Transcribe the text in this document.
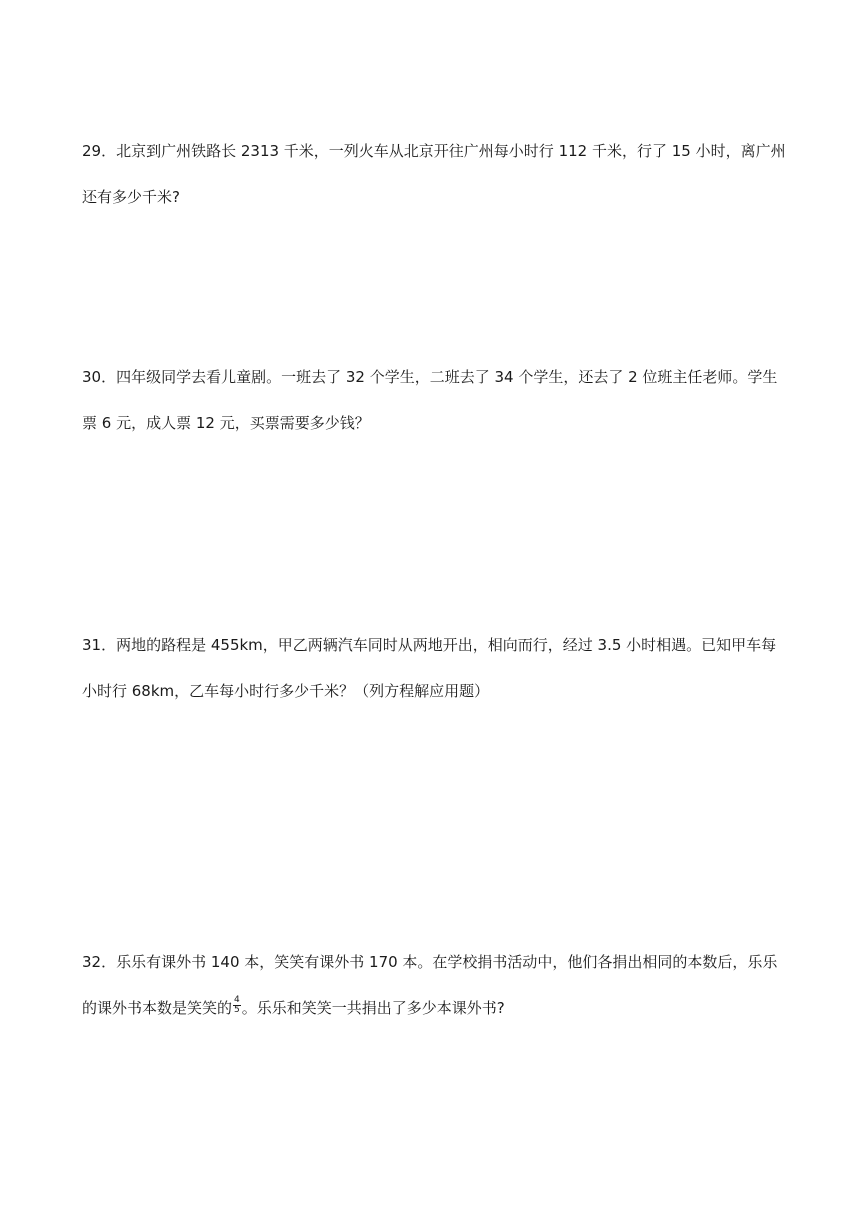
29．北京到广州铁路长 2313 千米，一列火车从北京开往广州每小时行 112 千米，行了 15 小时，离广州
还有多少千米?
30．四年级同学去看儿童剧。一班去了 32 个学生，二班去了 34 个学生，还去了 2 位班主任老师。学生
票 6 元，成人票 12 元，买票需要多少钱？
31．两地的路程是 455km，甲乙两辆汽车同时从两地开出，相向而行，经过 3.5 小时相遇。已知甲车每
小时行 68km，乙车每小时行多少千米？（列方程解应用题）
32．乐乐有课外书 140 本，笑笑有课外书 170 本。在学校捐书活动中，他们各捐出相同的本数后，乐乐
的课外书本数是笑笑的 $\frac{4}{5}$ 。乐乐和笑笑一共捐出了多少本课外书?
